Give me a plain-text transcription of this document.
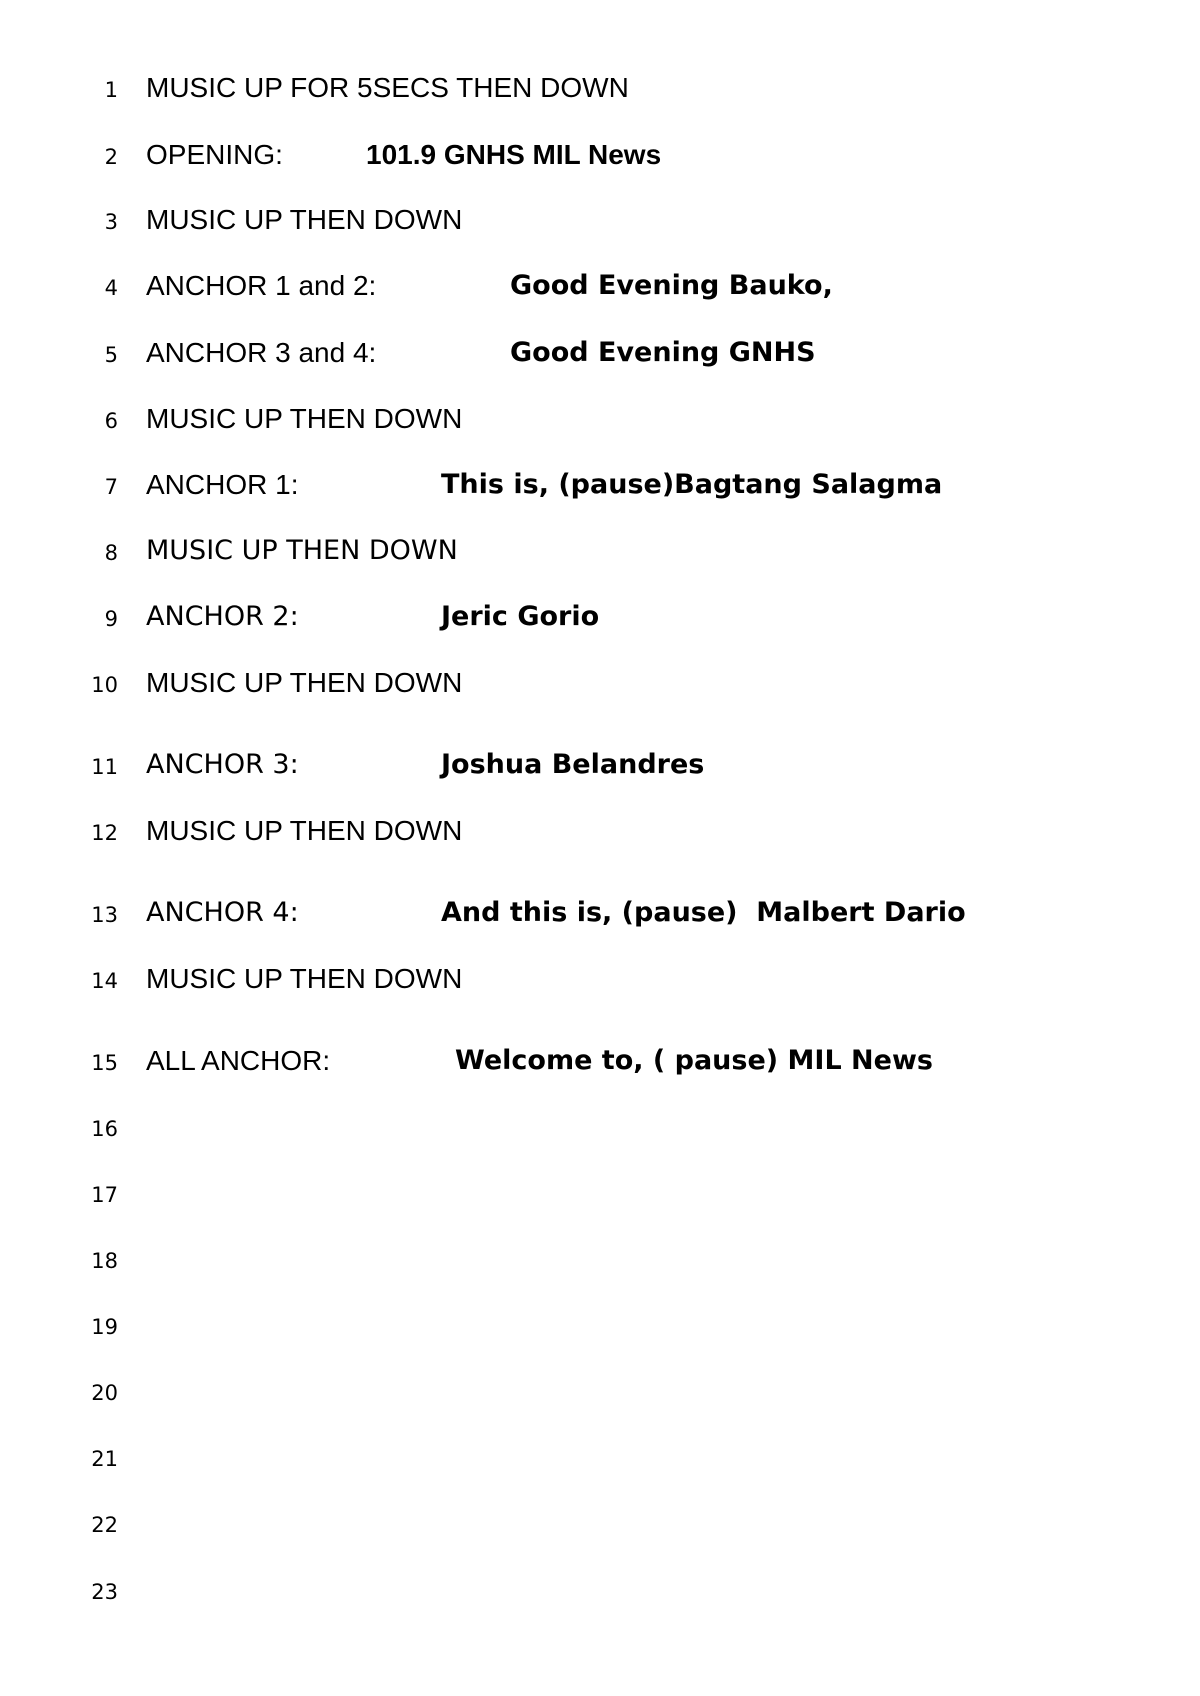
1 MUSIC UP FOR 5SECS THEN DOWN
2 OPENING:	101.9 GNHS MIL News
3 MUSIC UP THEN DOWN
4 ANCHOR 1 and 2:	Good Evening Bauko,
5 ANCHOR 3 and 4:	Good Evening GNHS
6 MUSIC UP THEN DOWN
7 ANCHOR 1:	This is, (pause)Bagtang Salagma
8 MUSIC UP THEN DOWN
9 ANCHOR 2:	Jeric Gorio
10 MUSIC UP THEN DOWN
11 ANCHOR 3:	Joshua Belandres
12 MUSIC UP THEN DOWN
13 ANCHOR 4:	And this is, (pause)  Malbert Dario
14 MUSIC UP THEN DOWN
15 ALL ANCHOR:	Welcome to, ( pause) MIL News
16
17
18
19
20
21
22
23
